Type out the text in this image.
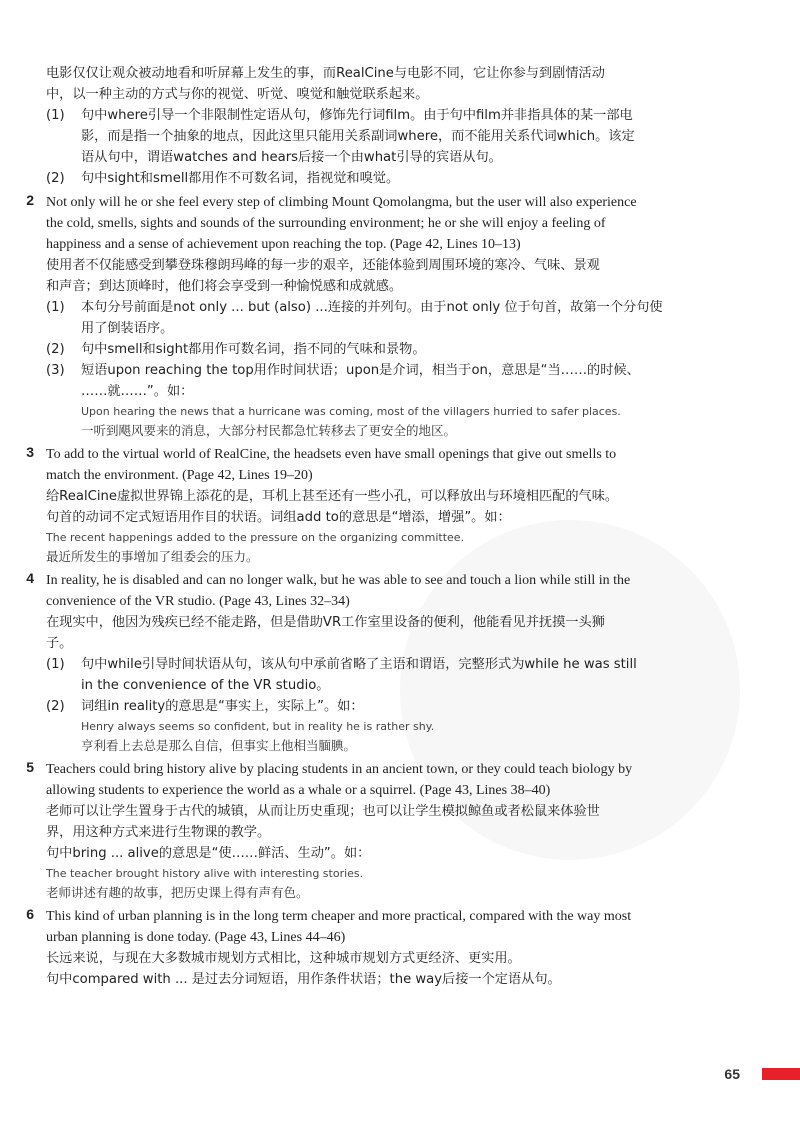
电影仅仅让观众被动地看和听屏幕上发生的事，而RealCine与电影不同，它让你参与到剧情活动
中，以一种主动的方式与你的视觉、听觉、嗅觉和触觉联系起来。
(1) 句中where引导一个非限制性定语从句，修饰先行词film。由于句中film并非指具体的某一部电
影，而是指一个抽象的地点，因此这里只能用关系副词where，而不能用关系代词which。该定
语从句中，谓语watches and hears后接一个由what引导的宾语从句。
(2) 句中sight和smell都用作不可数名词，指视觉和嗅觉。
2 Not only will he or she feel every step of climbing Mount Qomolangma, but the user will also experience
the cold, smells, sights and sounds of the surrounding environment; he or she will enjoy a feeling of
happiness and a sense of achievement upon reaching the top. (Page 42, Lines 10–13)
使用者不仅能感受到攀登珠穆朗玛峰的每一步的艰辛，还能体验到周围环境的寒冷、气味、景观
和声音；到达顶峰时，他们将会享受到一种愉悦感和成就感。
(1) 本句分号前面是not only ... but (also) ...连接的并列句。由于not only 位于句首，故第一个分句使
用了倒装语序。
(2) 句中smell和sight都用作可数名词，指不同的气味和景物。
(3) 短语upon reaching the top用作时间状语；upon是介词，相当于on，意思是“当……的时候、
……就……”。如：
Upon hearing the news that a hurricane was coming, most of the villagers hurried to safer places.
一听到飓风要来的消息，大部分村民都急忙转移去了更安全的地区。
3 To add to the virtual world of RealCine, the headsets even have small openings that give out smells to
match the environment. (Page 42, Lines 19–20)
给RealCine虚拟世界锦上添花的是，耳机上甚至还有一些小孔，可以释放出与环境相匹配的气味。
句首的动词不定式短语用作目的状语。词组add to的意思是“增添，增强”。如：
The recent happenings added to the pressure on the organizing committee.
最近所发生的事增加了组委会的压力。
4 In reality, he is disabled and can no longer walk, but he was able to see and touch a lion while still in the
convenience of the VR studio. (Page 43, Lines 32–34)
在现实中，他因为残疾已经不能走路，但是借助VR工作室里设备的便利，他能看见并抚摸一头狮
子。
(1) 句中while引导时间状语从句，该从句中承前省略了主语和谓语，完整形式为while he was still
in the convenience of the VR studio。
(2) 词组in reality的意思是“事实上，实际上”。如：
Henry always seems so confident, but in reality he is rather shy.
亨利看上去总是那么自信，但事实上他相当腼腆。
5 Teachers could bring history alive by placing students in an ancient town, or they could teach biology by
allowing students to experience the world as a whale or a squirrel. (Page 43, Lines 38–40)
老师可以让学生置身于古代的城镇，从而让历史重现；也可以让学生模拟鲸鱼或者松鼠来体验世
界，用这种方式来进行生物课的教学。
句中bring ... alive的意思是“使……鲜活、生动”。如：
The teacher brought history alive with interesting stories.
老师讲述有趣的故事，把历史课上得有声有色。
6 This kind of urban planning is in the long term cheaper and more practical, compared with the way most
urban planning is done today. (Page 43, Lines 44–46)
长远来说，与现在大多数城市规划方式相比，这种城市规划方式更经济、更实用。
句中compared with ... 是过去分词短语，用作条件状语；the way后接一个定语从句。
65
